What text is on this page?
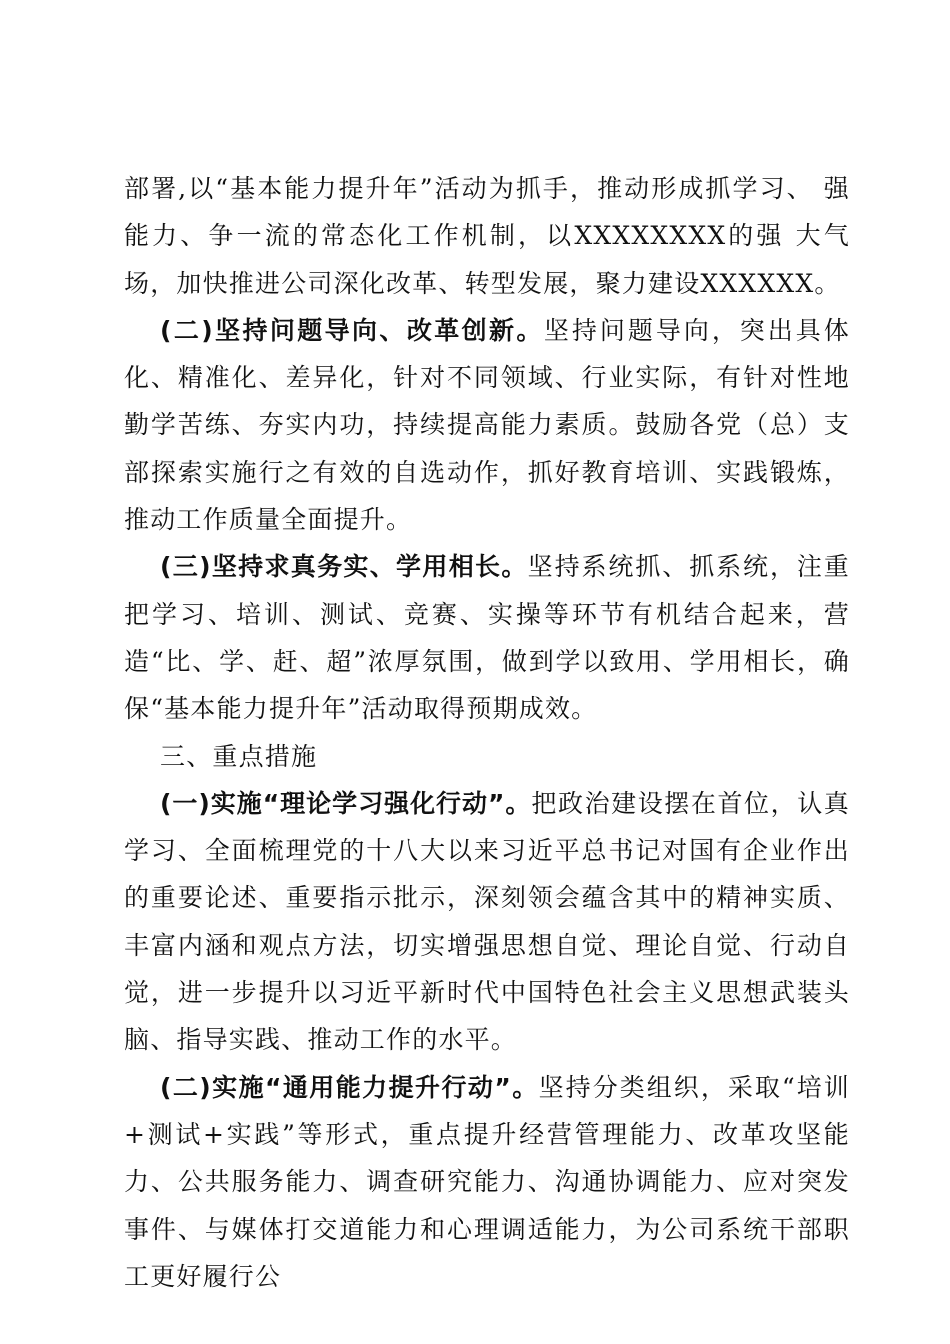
部署,以“基本能力提升年”活动为抓手，推动形成抓学习、 强能力、争一流的常态化工作机制，以XXXXXXXX的强 大气场，加快推进公司深化改革、转型发展，聚力建设XXXXXX。

(二)坚持问题导向、改革创新。坚持问题导向，突出具体化、精准化、差异化，针对不同领域、行业实际，有针对性地勤学苦练、夯实内功，持续提高能力素质。鼓励各党（总）支部探索实施行之有效的自选动作，抓好教育培训、实践锻炼，推动工作质量全面提升。

(三)坚持求真务实、学用相长。坚持系统抓、抓系统，注重把学习、培训、测试、竞赛、实操等环节有机结合起来，营造“比、学、赶、超”浓厚氛围，做到学以致用、学用相长，确保“基本能力提升年”活动取得预期成效。

三、重点措施

(一)实施“理论学习强化行动”。把政治建设摆在首位，认真学习、全面梳理党的十八大以来习近平总书记对国有企业作出的重要论述、重要指示批示，深刻领会蕴含其中的精神实质、丰富内涵和观点方法，切实增强思想自觉、理论自觉、行动自觉，进一步提升以习近平新时代中国特色社会主义思想武装头脑、指导实践、推动工作的水平。

(二)实施“通用能力提升行动”。坚持分类组织，采取“培训+测试+实践”等形式，重点提升经营管理能力、改革攻坚能力、公共服务能力、调查研究能力、沟通协调能力、应对突发事件、与媒体打交道能力和心理调适能力，为公司系统干部职工更好履行公
